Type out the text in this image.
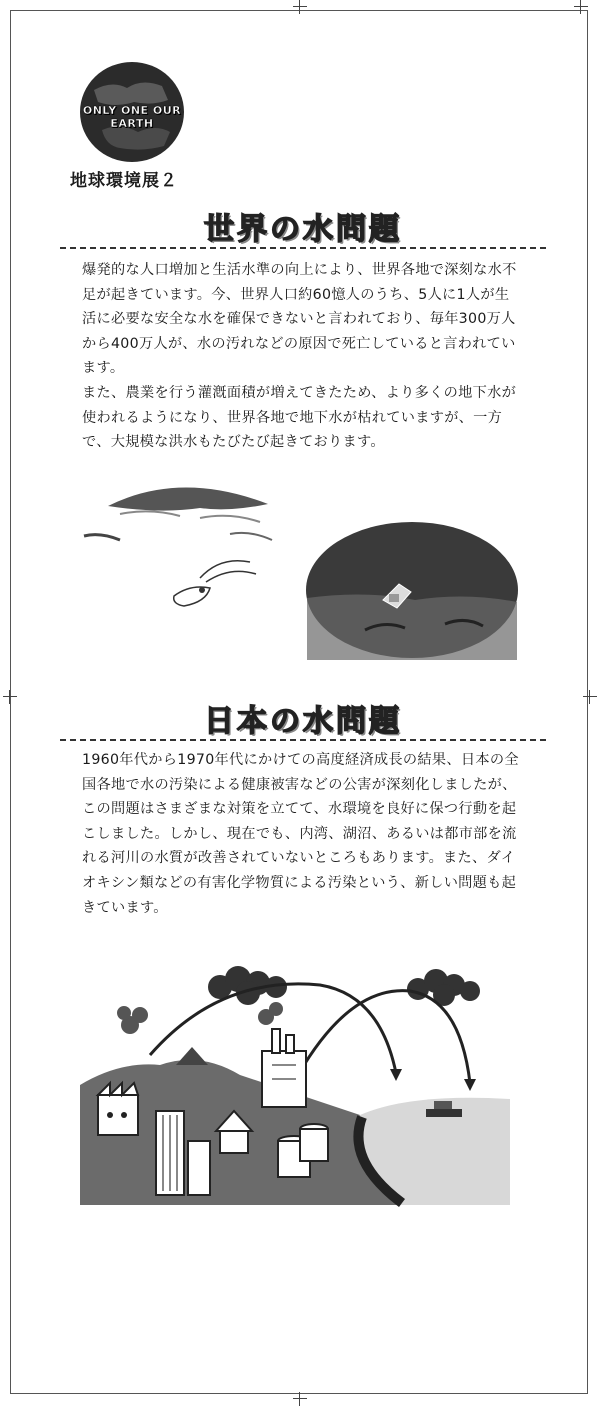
ONLY ONE OUR EARTH
地球環境展２
世界の水問題

爆発的な人口増加と生活水準の向上により、世界各地で深刻な水不足が起きています。今、世界人口約60憶人のうち、5人に1人が生活に必要な安全な水を確保できないと言われており、毎年300万人から400万人が、水の汚れなどの原因で死亡していると言われています。

また、農業を行う灌漑面積が増えてきたため、より多くの地下水が使われるようになり、世界各地で地下水が枯れていますが、一方で、大規模な洪水もたびたび起きております。

日本の水問題

1960年代から1970年代にかけての高度経済成長の結果、日本の全国各地で水の汚染による健康被害などの公害が深刻化しましたが、この問題はさまざまな対策を立てて、水環境を良好に保つ行動を起こしました。しかし、現在でも、内湾、湖沼、あるいは都市部を流れる河川の水質が改善されていないところもあります。また、ダイオキシン類などの有害化学物質による汚染という、新しい問題も起きています。
